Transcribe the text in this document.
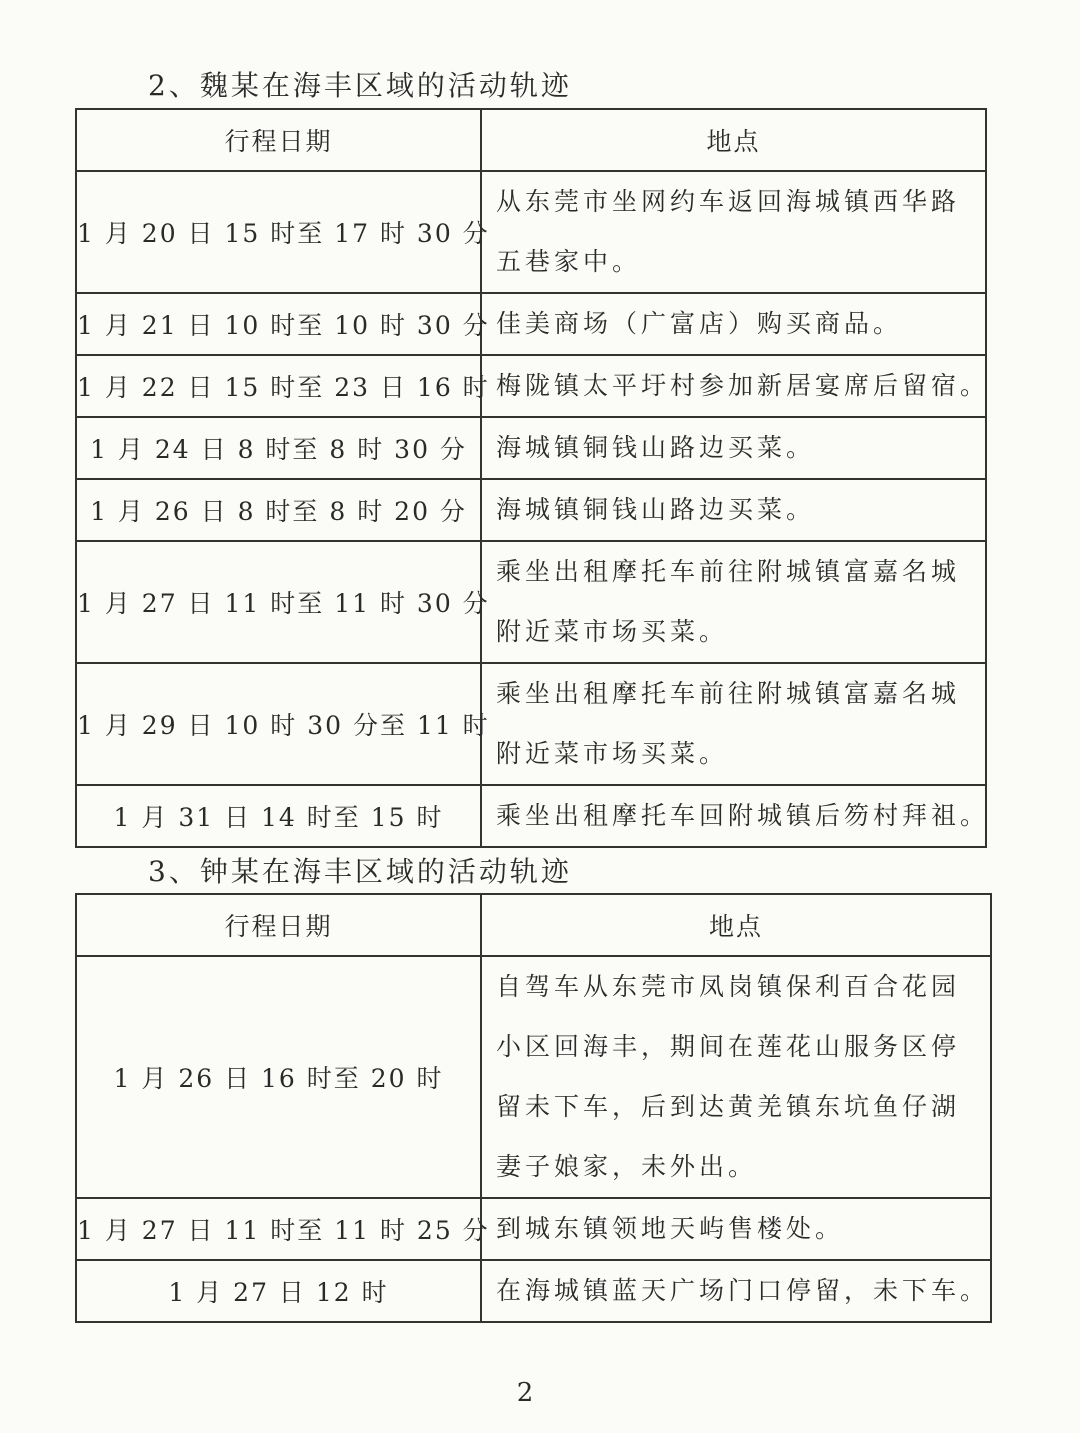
2、魏某在海丰区域的活动轨迹
行程日期	地点
1 月 20 日 15 时至 17 时 30 分	从东莞市坐网约车返回海城镇西华路五巷家中。
1 月 21 日 10 时至 10 时 30 分	佳美商场（广富店）购买商品。
1 月 22 日 15 时至 23 日 16 时	梅陇镇太平圩村参加新居宴席后留宿。
1 月 24 日 8 时至 8 时 30 分	海城镇铜钱山路边买菜。
1 月 26 日 8 时至 8 时 20 分	海城镇铜钱山路边买菜。
1 月 27 日 11 时至 11 时 30 分	乘坐出租摩托车前往附城镇富嘉名城附近菜市场买菜。
1 月 29 日 10 时 30 分至 11 时	乘坐出租摩托车前往附城镇富嘉名城附近菜市场买菜。
1 月 31 日 14 时至 15 时	乘坐出租摩托车回附城镇后笏村拜祖。
3、钟某在海丰区域的活动轨迹
行程日期	地点
1 月 26 日 16 时至 20 时	自驾车从东莞市凤岗镇保利百合花园小区回海丰，期间在莲花山服务区停留未下车，后到达黄羌镇东坑鱼仔湖妻子娘家，未外出。
1 月 27 日 11 时至 11 时 25 分	到城东镇领地天屿售楼处。
1 月 27 日 12 时	在海城镇蓝天广场门口停留，未下车。
2
